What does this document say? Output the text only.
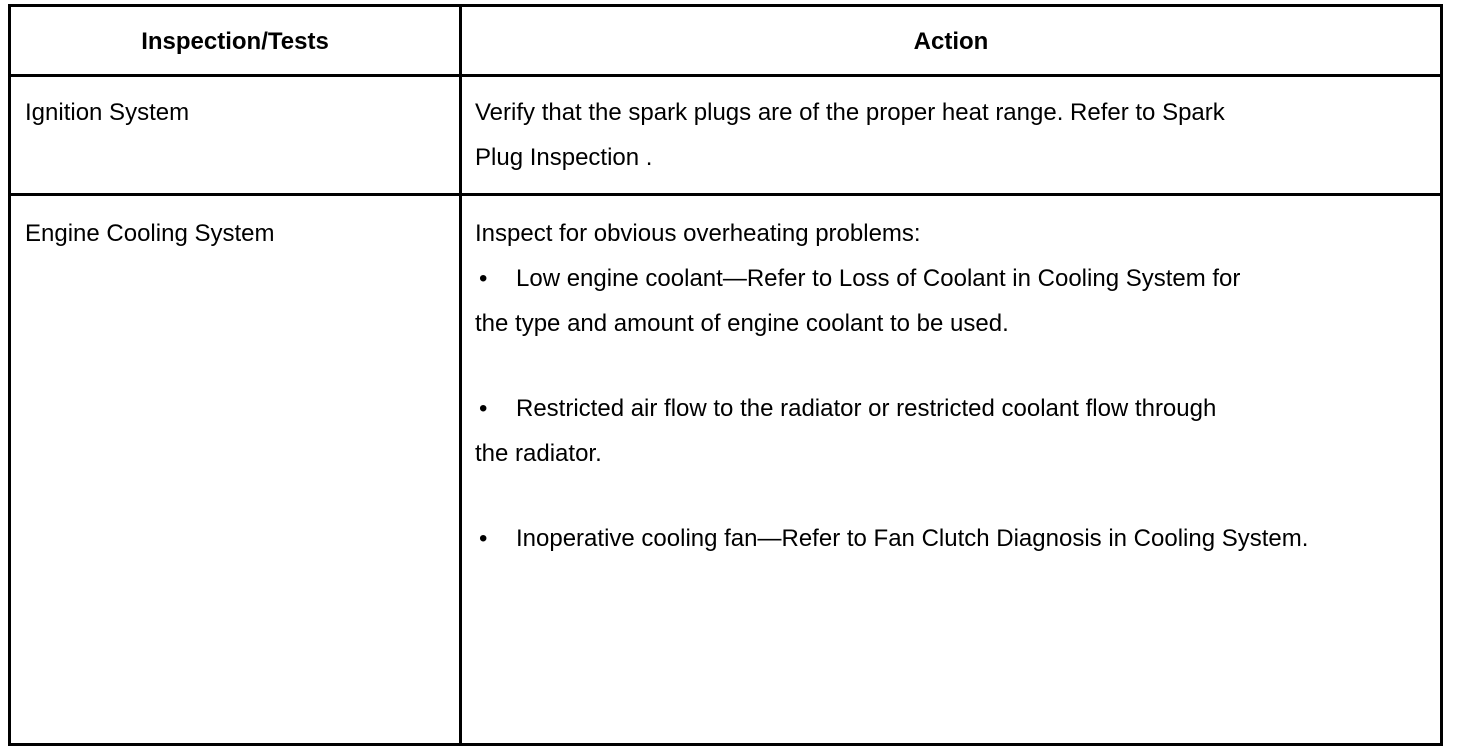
Inspection/Tests	Action
Ignition System	Verify that the spark plugs are of the proper heat range. Refer to Spark
Plug Inspection .
Engine Cooling System	Inspect for obvious overheating problems:
• Low engine coolant—Refer to Loss of Coolant in Cooling System for
the type and amount of engine coolant to be used.
• Restricted air flow to the radiator or restricted coolant flow through
the radiator.
• Inoperative cooling fan—Refer to Fan Clutch Diagnosis in Cooling System.
